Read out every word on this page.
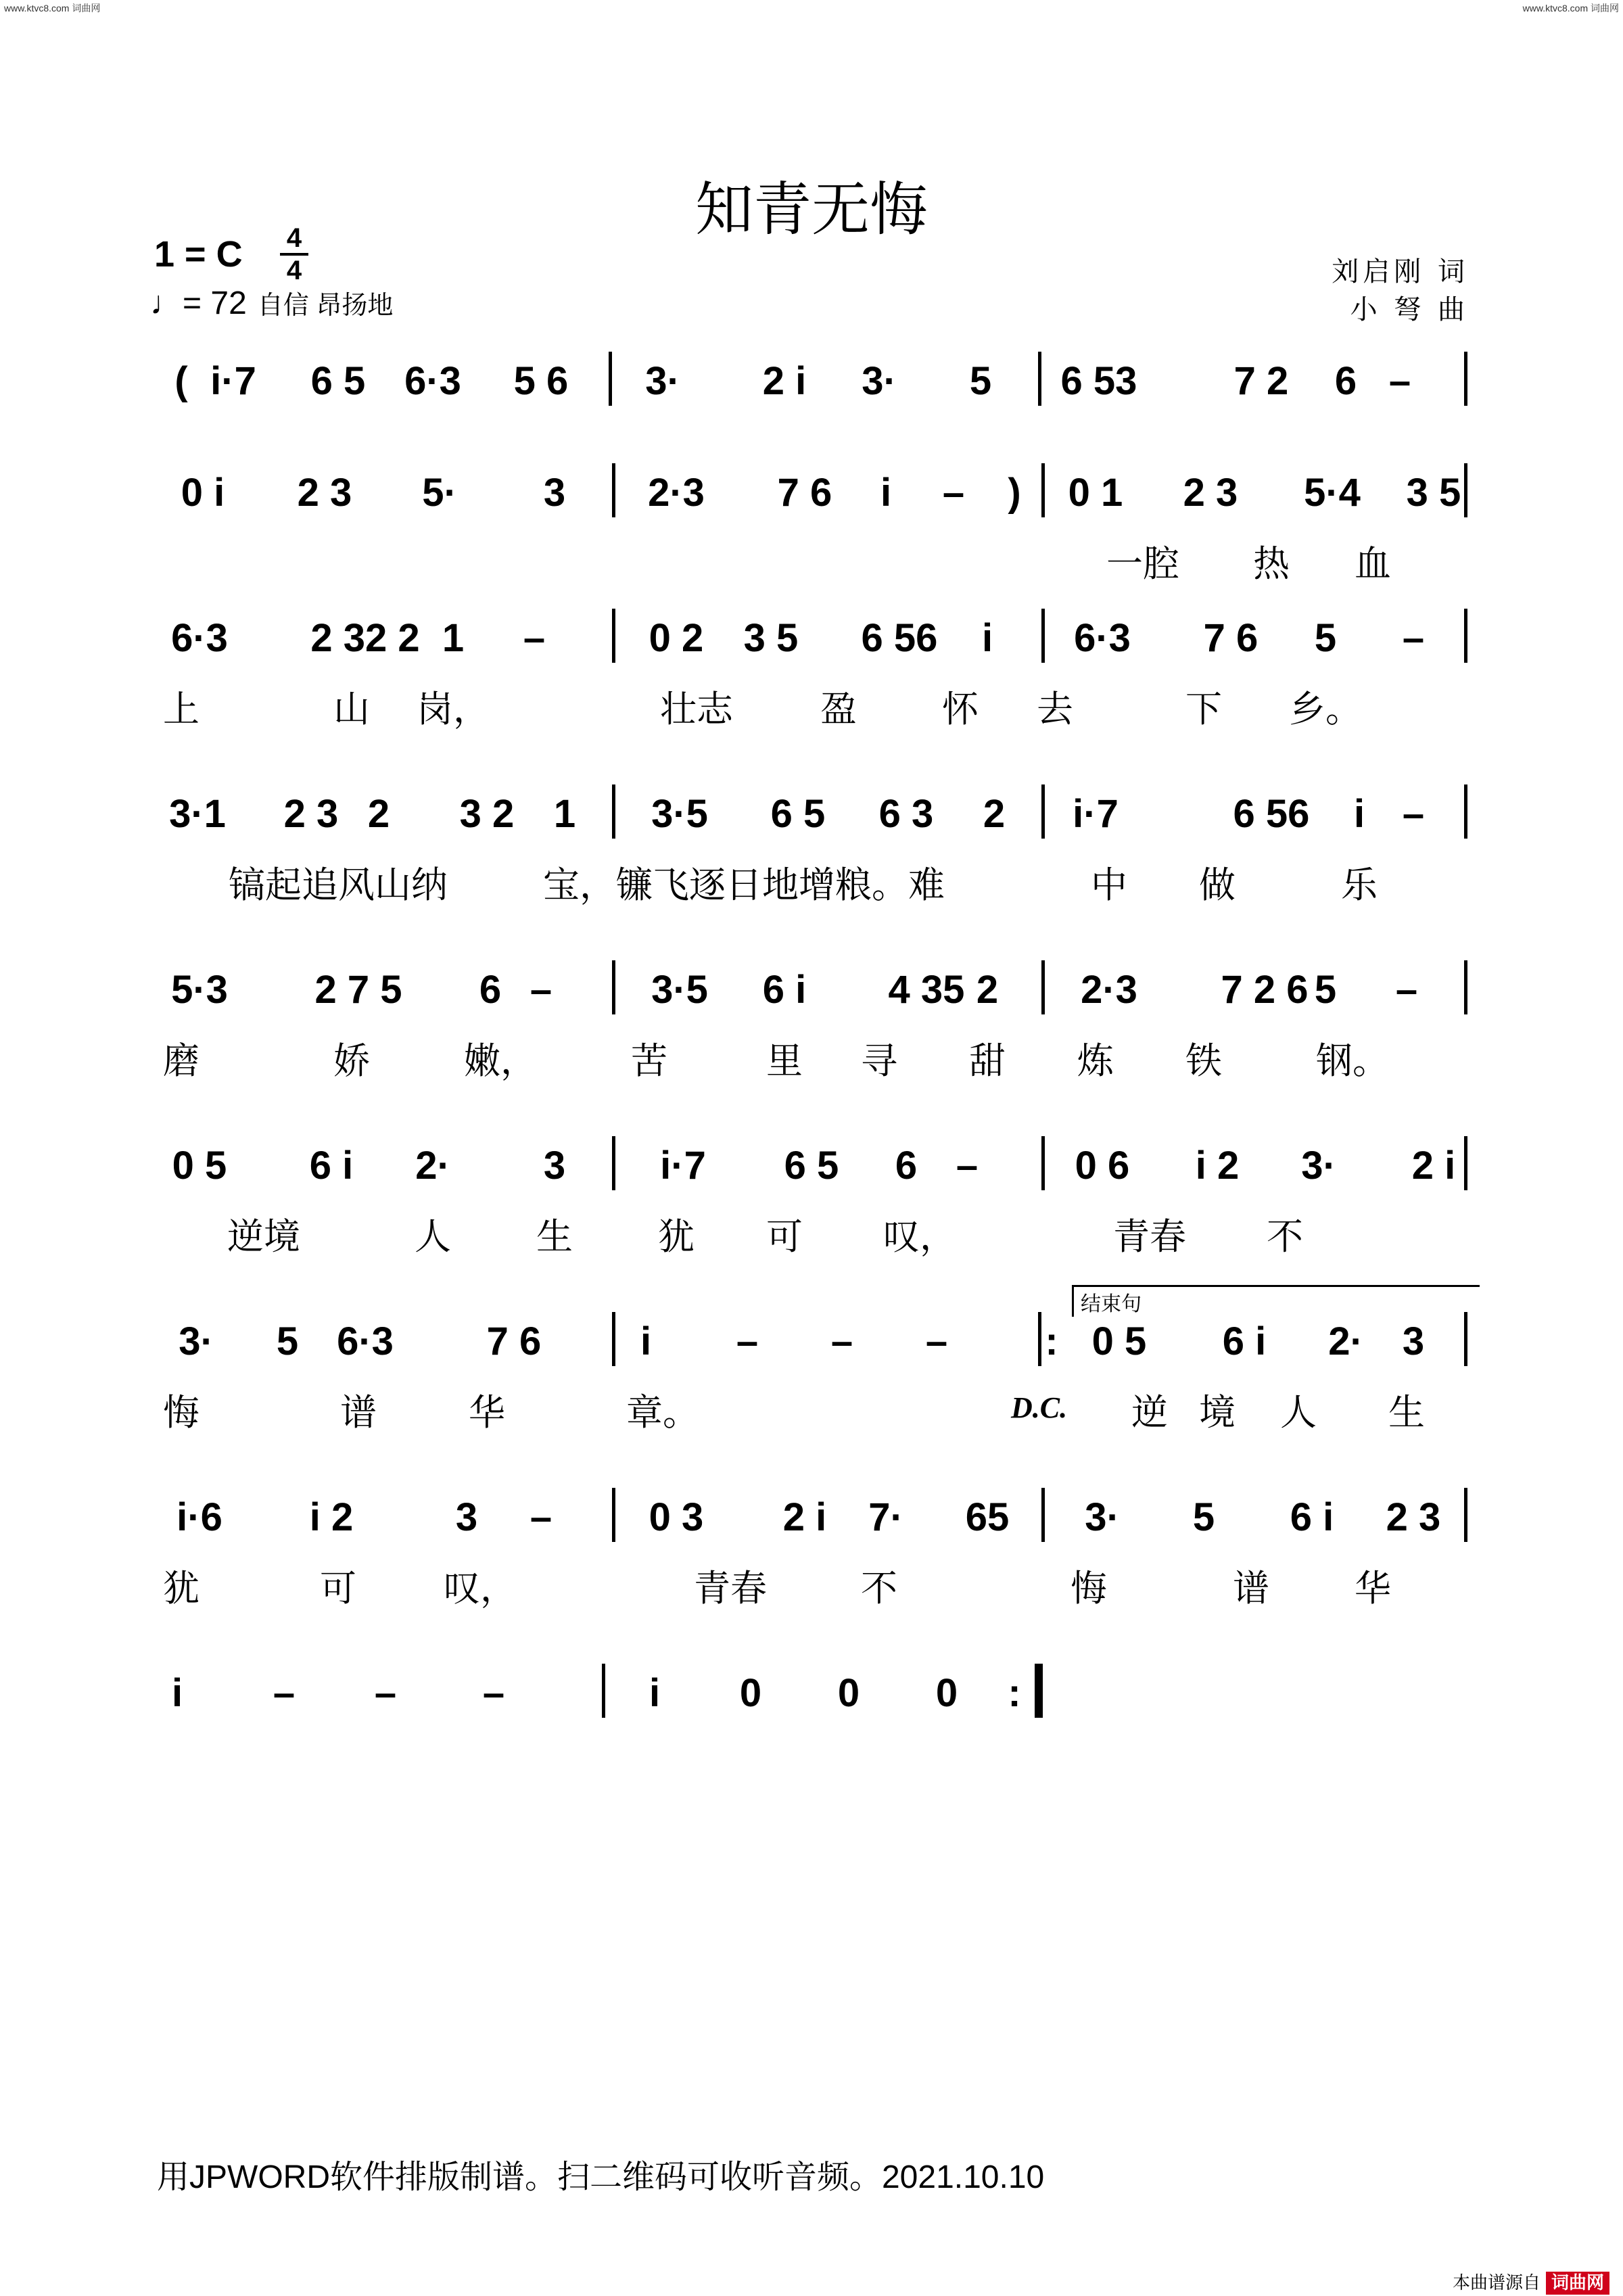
www.ktvc8.com 词曲网	www.ktvc8.com 词曲网
知青无悔
1 = C 4
4
♩= 72 自信 昂扬地
刘启刚 词
小 弩 曲
( i·7 6 5 6·3 5 6 3· 2 i 3· 5 6 53 7 2 6 –
0 i 2 3 5· 3 2·3 7 6 i – ) 0 1 2 3 5·4 3 5
一腔 热 血
6·3 2 32 2 1 –	0 2 3 5 6 56 i 6·3 7 6 5 –
上	山 岗，	壮志 盈 怀 去	下 乡。
3·1 2 3 2 3 2 1 3·5 6 5 6 3 2 i·7	6 56 i –
镐起追风山纳	宝，镰飞逐日地增粮。难	中 做	乐
5·3 2 7 5 6 –	3·5 6 i 4 35 2 2·3 7 2 6 5 –
磨	娇	嫩，	苦	里 寻 甜 炼 铁	钢。
0 5 6 i 2· 3 i·7 6 5 6 – 0 6 i 2 3· 2 i
逆境	人 生 犹 可 叹，	青春 不
3· 5 6·3 7 6	i – – – : 0 5 6 i 2· 3
悔	谱	华	章。	逆 境 人 生
结束句
D.C.
i·6 i 2	3 – 0 3 2 i 7· 65 3· 5 6 i 2 3
犹	可 叹，	青春	不	悔	谱 华
i – – –	i 0 0 0 :
用JPWORD软件排版制谱。扫二维码可收听音频。2021.10.10
本曲谱源自 词曲网
